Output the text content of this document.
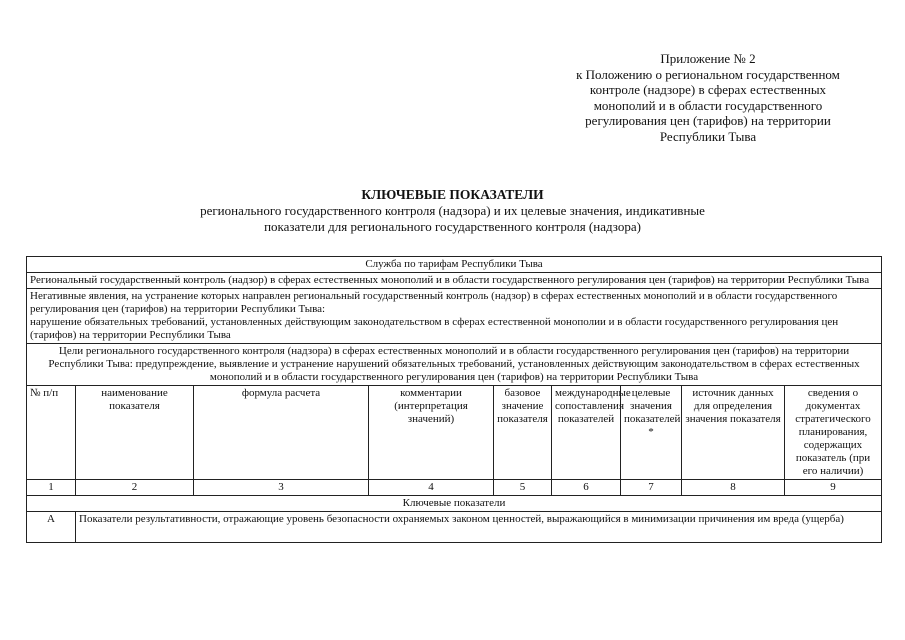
Приложение № 2
к Положению о региональном государственном
контроле (надзоре) в сферах естественных
монополий и в области государственного
регулирования цен (тарифов) на территории
Республики Тыва
КЛЮЧЕВЫЕ ПОКАЗАТЕЛИ
регионального государственного контроля (надзора) и их целевые значения, индикативные
показатели для регионального государственного контроля (надзора)
Служба по тарифам Республики Тыва								
Региональный государственный контроль (надзор) в сферах естественных монополий и в области государственного регулирования цен (тарифов) на территории Республики Тыва								

Негативные явления, на устранение которых направлен региональный государственный контроль (надзор) в сферах естественных монополий и в области государственного регулирования цен (тарифов) на территории Республики Тыва:
нарушение обязательных требований, установленных действующим законодательством в сферах естественной монополии и в области государственного регулирования цен (тарифов) на территории Республики Тыва								

Цели регионального государственного контроля (надзора) в сферах естественных монополий и в области государственного регулирования цен (тарифов) на территории Республики Тыва: предупреждение, выявление и устранение нарушений обязательных требований, установленных действующим законодательством в сферах естественных монополий и в области государственного регулирования цен (тарифов) на территории Республики Тыва								
№ п/п	наименование показателя	формула расчета	комментарии (интерпретация значений)	базовое значение показателя	международные сопоставления показателей	целевые значения показателей *	источник данных для определения значения показателя	сведения о документах стратегического планирования, содержащих показатель (при его наличии)
1	2	3	4	5	6	7	8	9
Ключевые показатели								
А	Показатели результативности, отражающие уровень безопасности охраняемых законом ценностей, выражающийся в минимизации причинения им вреда (ущерба)							
